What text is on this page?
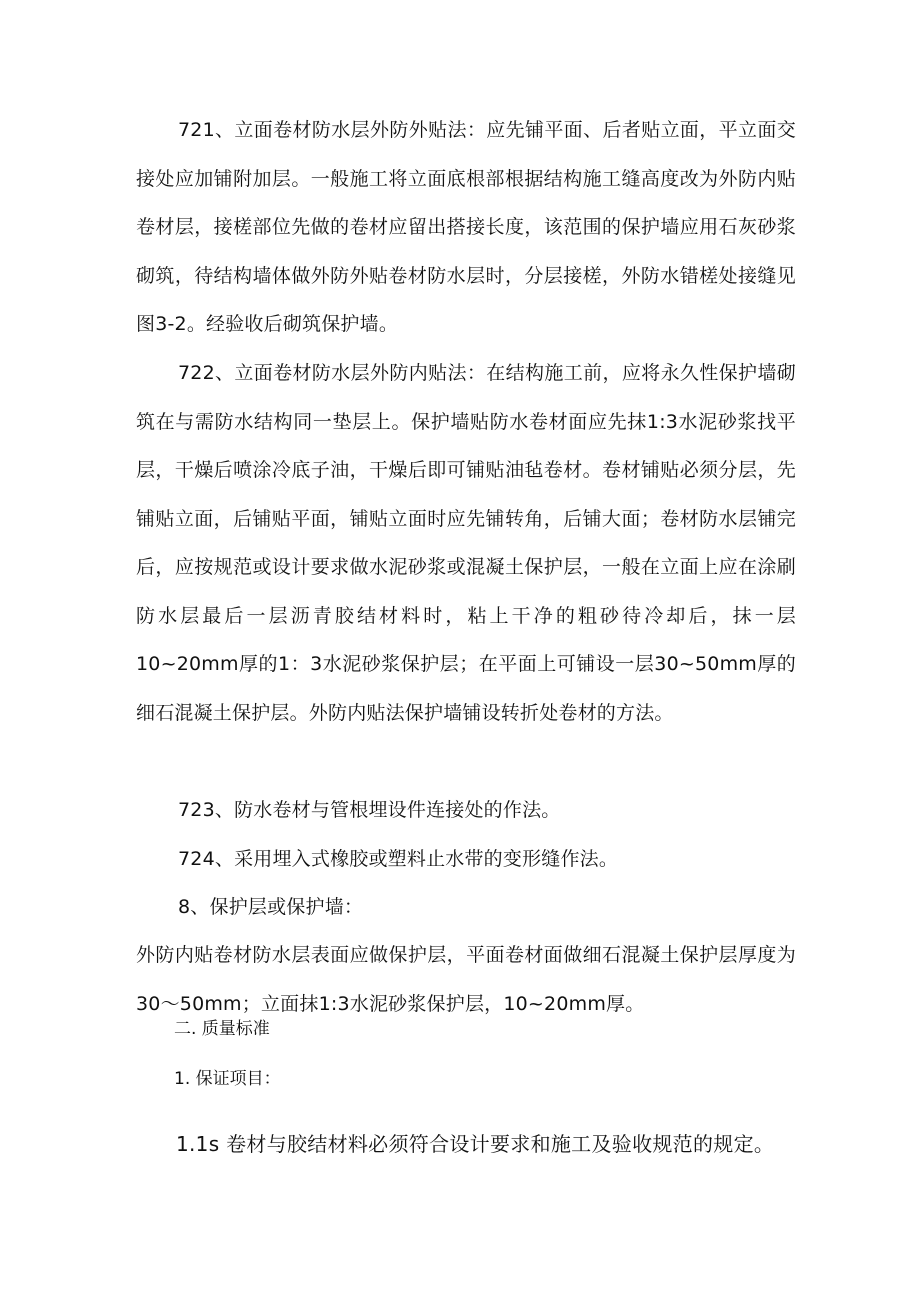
721、立面卷材防水层外防外贴法：应先铺平面、后者贴立面，平立面交接处应加铺附加层。一般施工将立面底根部根据结构施工缝高度改为外防内贴卷材层，接槎部位先做的卷材应留出搭接长度，该范围的保护墙应用石灰砂浆砌筑，待结构墙体做外防外贴卷材防水层时，分层接槎，外防水错槎处接缝见图3-2。经验收后砌筑保护墙。

722、立面卷材防水层外防内贴法：在结构施工前，应将永久性保护墙砌筑在与需防水结构同一垫层上。保护墙贴防水卷材面应先抹1:3水泥砂浆找平层，干燥后喷涂冷底子油，干燥后即可铺贴油毡卷材。卷材铺贴必须分层，先铺贴立面，后铺贴平面，铺贴立面时应先铺转角，后铺大面；卷材防水层铺完后，应按规范或设计要求做水泥砂浆或混凝土保护层，一般在立面上应在涂刷防水层最后一层沥青胶结材料时，粘上干净的粗砂待冷却后，抹一层10~20mm厚的1：3水泥砂浆保护层；在平面上可铺设一层30~50mm厚的细石混凝土保护层。外防内贴法保护墙铺设转折处卷材的方法。

723、防水卷材与管根埋设件连接处的作法。

724、采用埋入式橡胶或塑料止水带的变形缝作法。

8、保护层或保护墙：

外防内贴卷材防水层表面应做保护层，平面卷材面做细石混凝土保护层厚度为30～50mm；立面抹1:3水泥砂浆保护层，10~20mm厚。

二. 质量标准

1. 保证项目：

1.1s 卷材与胶结材料必须符合设计要求和施工及验收规范的规定。
